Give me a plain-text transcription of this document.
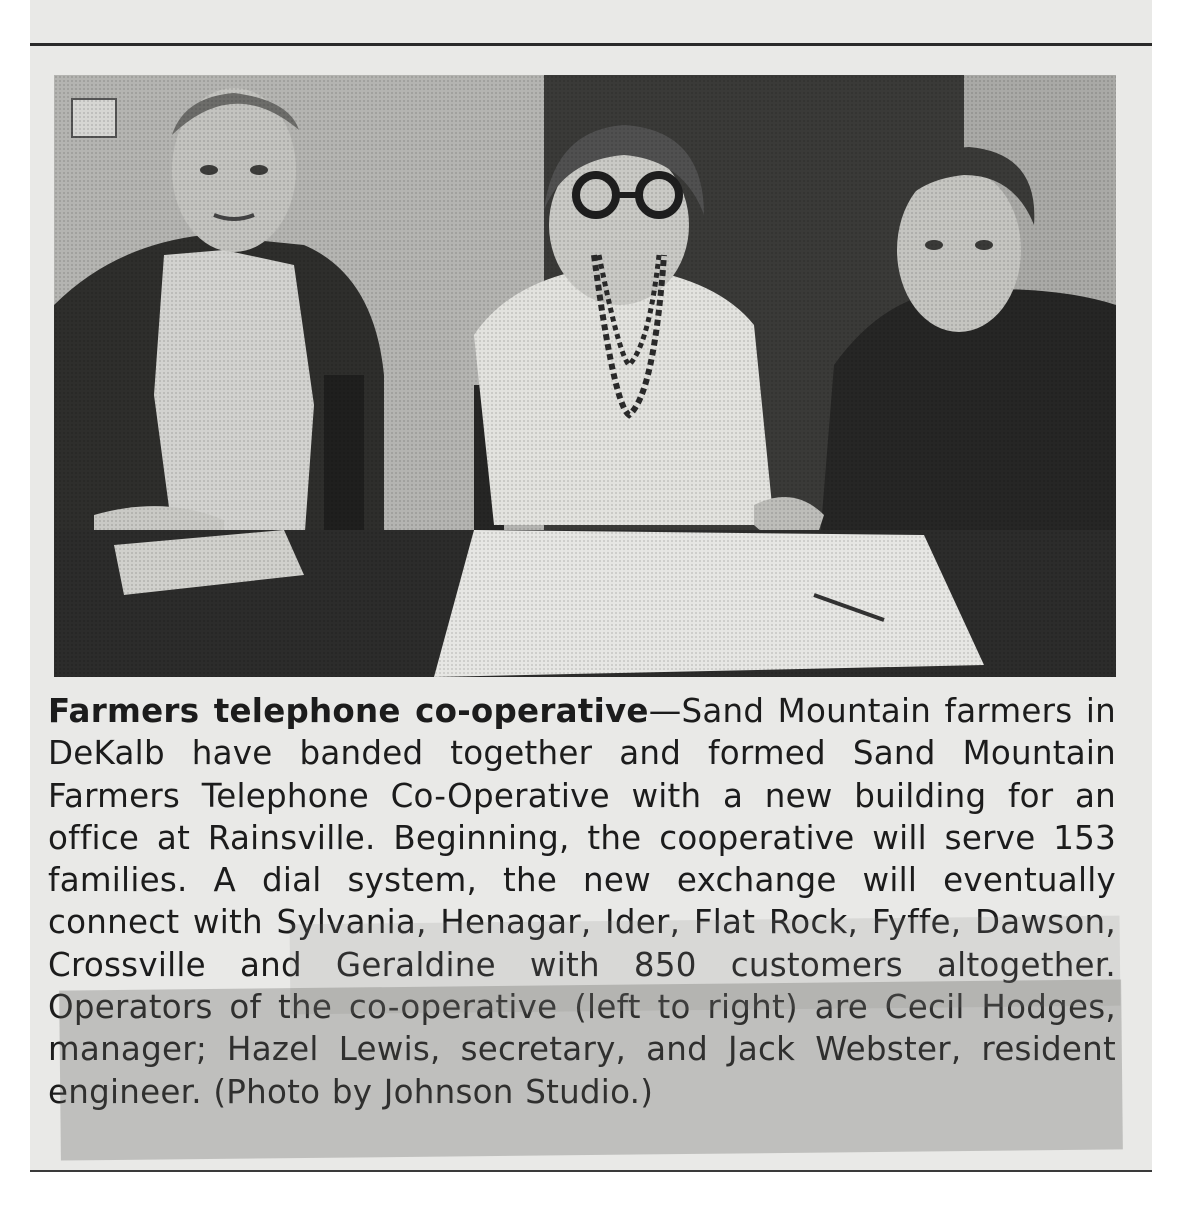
Farmers telephone co-operative—Sand Mountain farmers in DeKalb have banded together and formed Sand Mountain Farmers Telephone Co-Operative with a new building for an office at Rainsville. Beginning, the cooperative will serve 153 families. A dial system, the new exchange will eventually connect with Sylvania, Henagar, Ider, Flat Rock, Fyffe, Dawson, Crossville and Geraldine with 850 customers altogether. Operators of the co-operative (left to right) are Cecil Hodges, manager; Hazel Lewis, secretary, and Jack Webster, resident engineer. (Photo by Johnson Studio.)
